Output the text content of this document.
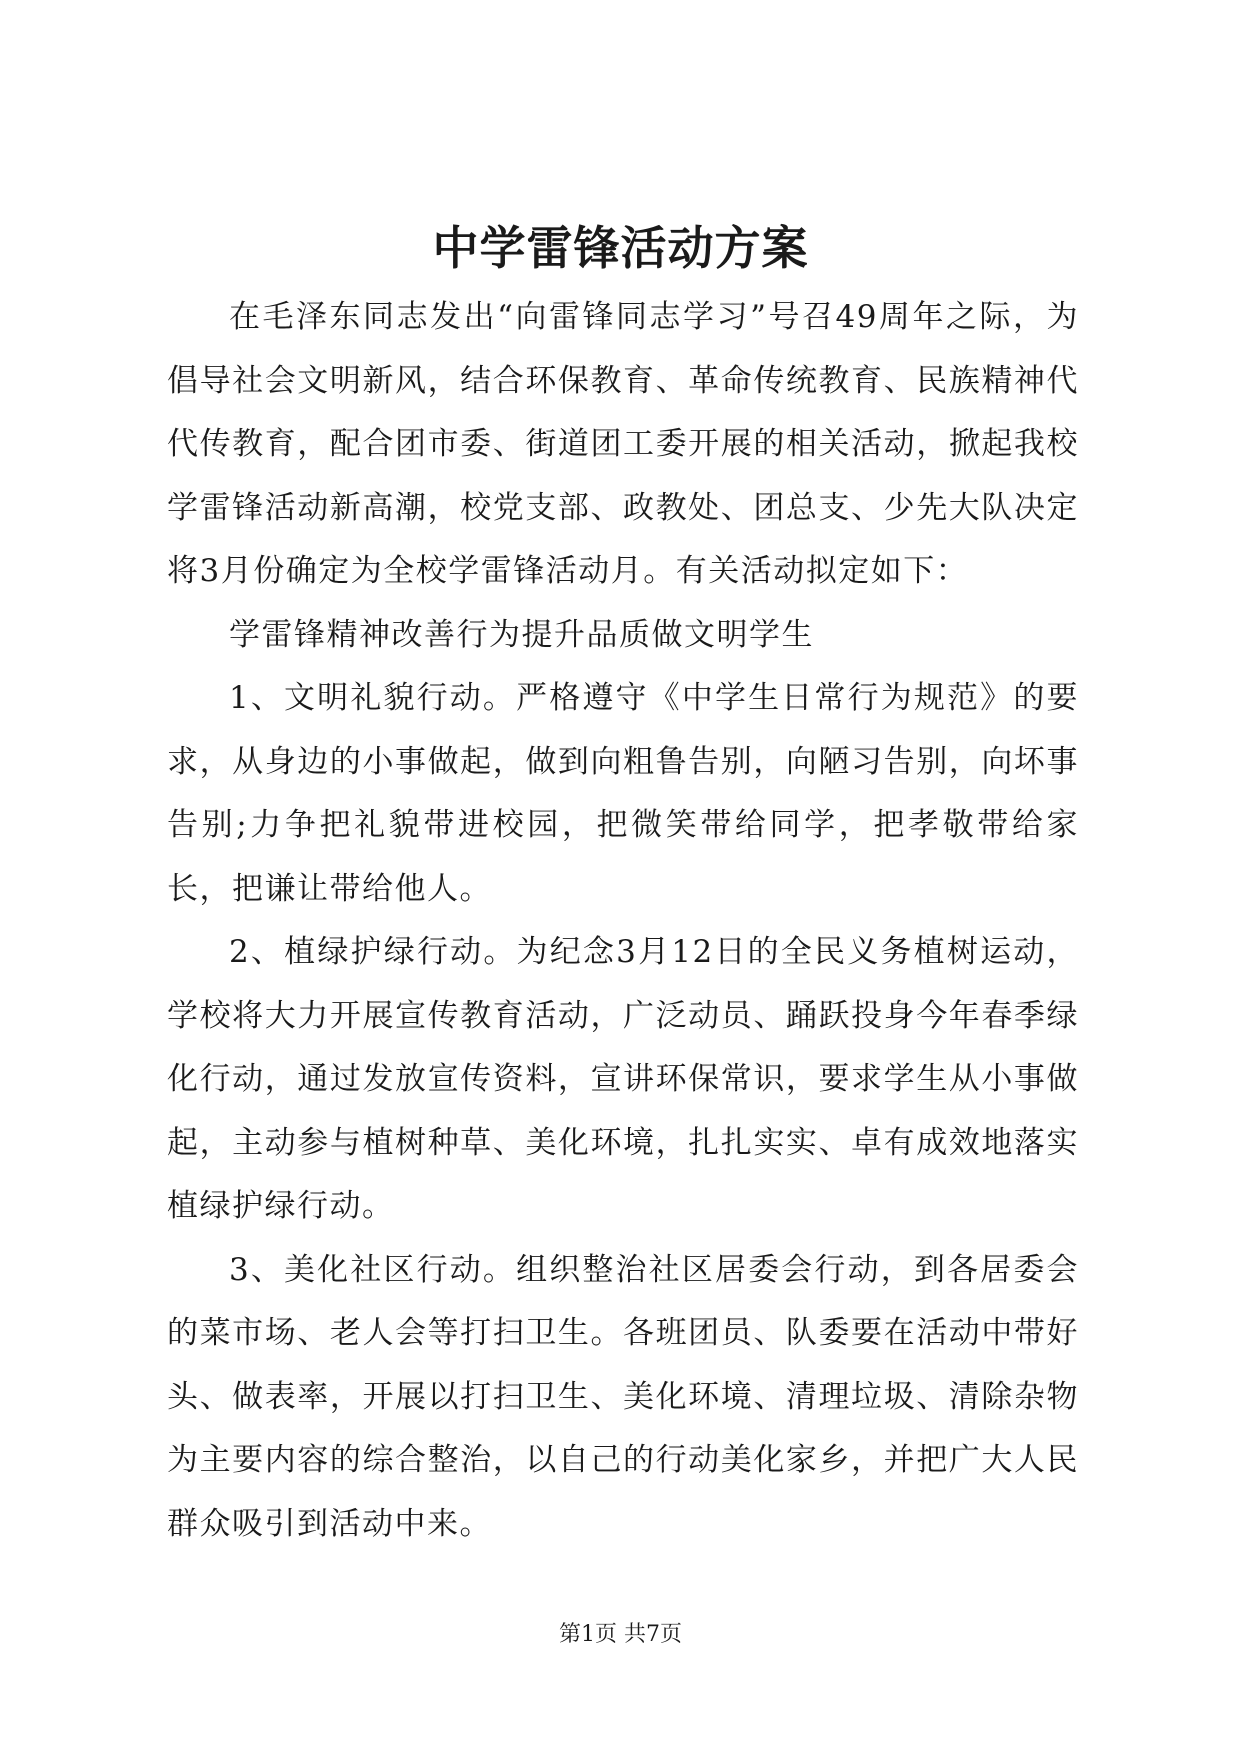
中学雷锋活动方案

在毛泽东同志发出“向雷锋同志学习”号召49周年之际，为倡导社会文明新风，结合环保教育、革命传统教育、民族精神代代传教育，配合团市委、街道团工委开展的相关活动，掀起我校学雷锋活动新高潮，校党支部、政教处、团总支、少先大队决定将3月份确定为全校学雷锋活动月。有关活动拟定如下：

学雷锋精神改善行为提升品质做文明学生

1、文明礼貌行动。严格遵守《中学生日常行为规范》的要求，从身边的小事做起，做到向粗鲁告别，向陋习告别，向坏事告别;力争把礼貌带进校园，把微笑带给同学，把孝敬带给家长，把谦让带给他人。

2、植绿护绿行动。为纪念3月12日的全民义务植树运动，学校将大力开展宣传教育活动，广泛动员、踊跃投身今年春季绿化行动，通过发放宣传资料，宣讲环保常识，要求学生从小事做起，主动参与植树种草、美化环境，扎扎实实、卓有成效地落实植绿护绿行动。

3、美化社区行动。组织整治社区居委会行动，到各居委会的菜市场、老人会等打扫卫生。各班团员、队委要在活动中带好头、做表率，开展以打扫卫生、美化环境、清理垃圾、清除杂物为主要内容的综合整治，以自己的行动美化家乡，并把广大人民群众吸引到活动中来。

第1页 共7页
